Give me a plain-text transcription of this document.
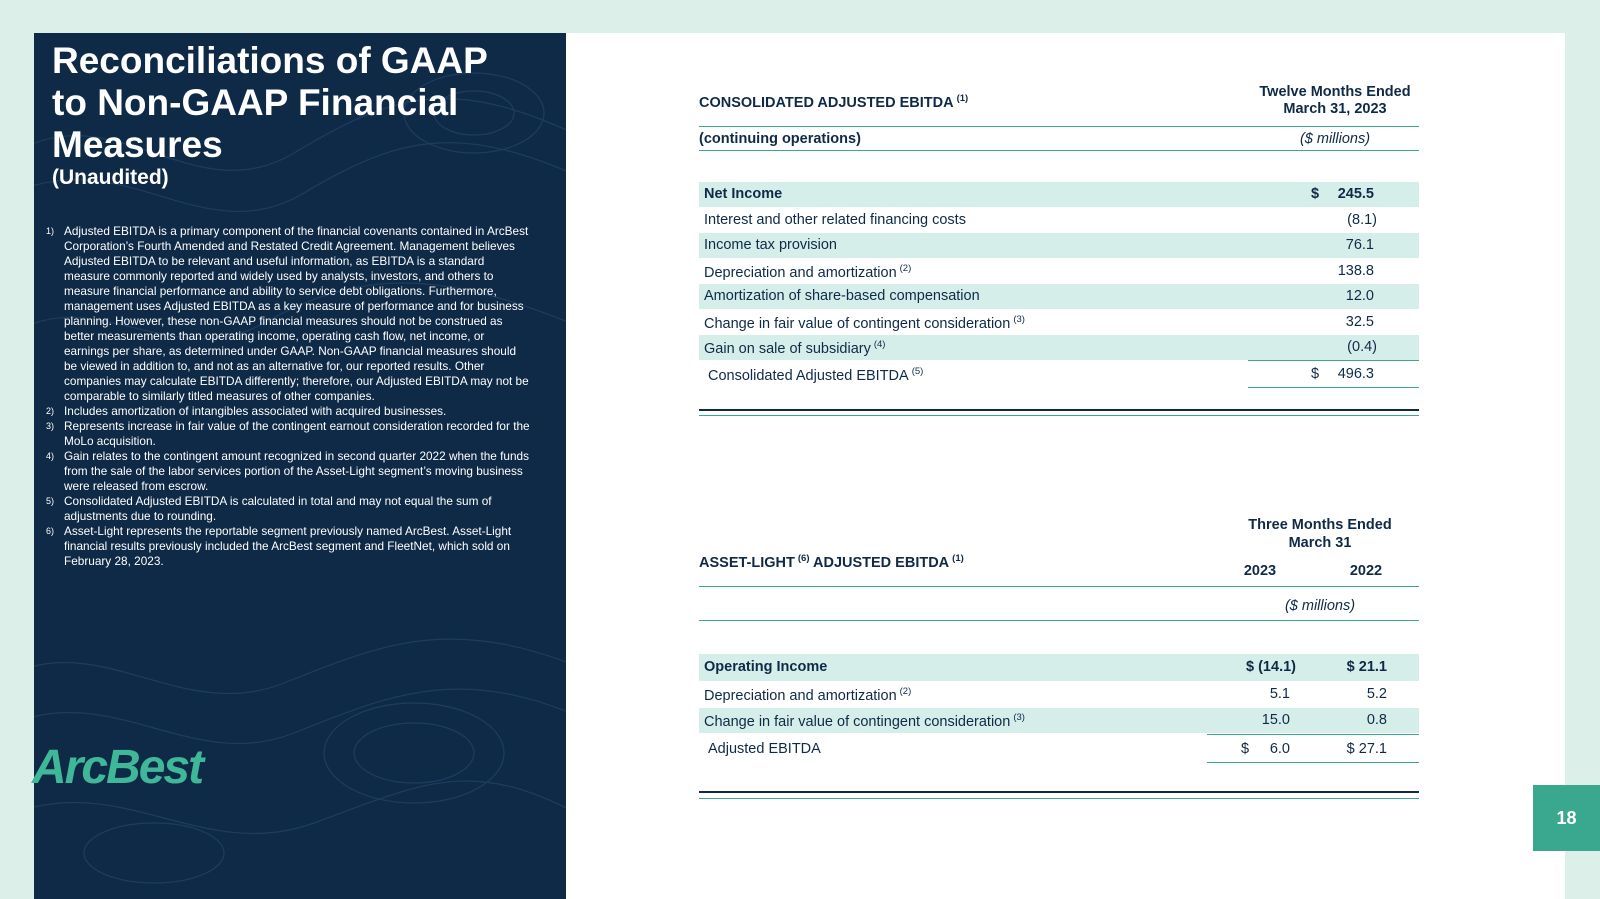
Reconciliations of GAAP to Non-GAAP Financial Measures
(Unaudited)
1) Adjusted EBITDA is a primary component of the financial covenants contained in ArcBest Corporation’s Fourth Amended and Restated Credit Agreement. Management believes Adjusted EBITDA to be relevant and useful information, as EBITDA is a standard measure commonly reported and widely used by analysts, investors, and others to measure financial performance and ability to service debt obligations. Furthermore, management uses Adjusted EBITDA as a key measure of performance and for business planning. However, these non-GAAP financial measures should not be construed as better measurements than operating income, operating cash flow, net income, or earnings per share, as determined under GAAP. Non-GAAP financial measures should be viewed in addition to, and not as an alternative for, our reported results. Other companies may calculate EBITDA differently; therefore, our Adjusted EBITDA may not be comparable to similarly titled measures of other companies.
2) Includes amortization of intangibles associated with acquired businesses.
3) Represents increase in fair value of the contingent earnout consideration recorded for the MoLo acquisition.
4) Gain relates to the contingent amount recognized in second quarter 2022 when the funds from the sale of the labor services portion of the Asset-Light segment’s moving business were released from escrow.
5) Consolidated Adjusted EBITDA is calculated in total and may not equal the sum of adjustments due to rounding.
6) Asset-Light represents the reportable segment previously named ArcBest. Asset-Light financial results previously included the ArcBest segment and FleetNet, which sold on February 28, 2023.
ArcBest
CONSOLIDATED ADJUSTED EBITDA $^{(1)}$	Twelve Months Ended
March 31, 2023
(continuing operations)	($ millions)
Net Income	$ 245.5
Interest and other related financing costs	(8.1)
Income tax provision	76.1
Depreciation and amortization $^{(2)}$	138.8
Amortization of share-based compensation	12.0
Change in fair value of contingent consideration $^{(3)}$	32.5
Gain on sale of subsidiary $^{(4)}$	(0.4)
Consolidated Adjusted EBITDA $^{(5)}$	$ 496.3
Three Months Ended
March 31
ASSET-LIGHT $^{(6)}$ ADJUSTED EBITDA $^{(1)}$
2023	2022
($ millions)
Operating Income	$ (14.1)	$ 21.1
Depreciation and amortization $^{(2)}$	5.1	5.2
Change in fair value of contingent consideration $^{(3)}$	15.0	0.8
Adjusted EBITDA	$ 6.0	$ 27.1
18
